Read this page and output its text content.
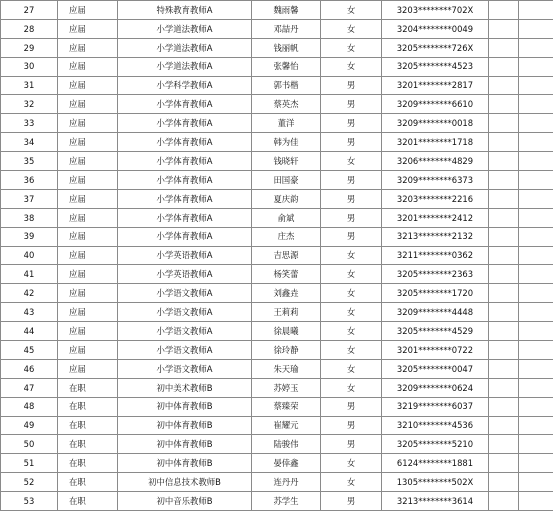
27	应届	特殊教育教师A	魏雨馨	女	3203********702X		
28	应届	小学道法教师A	邓喆丹	女	3204********0049		
29	应届	小学道法教师A	钱丽帆	女	3205********726X		
30	应届	小学道法教师A	张馨怡	女	3205********4523		
31	应届	小学科学教师A	郭书楷	男	3201********2817		
32	应届	小学体育教师A	蔡英杰	男	3209********6610		
33	应届	小学体育教师A	董洋	男	3209********0018		
34	应届	小学体育教师A	韩为佳	男	3201********1718		
35	应届	小学体育教师A	钱晓轩	女	3206********4829		
36	应届	小学体育教师A	田国豪	男	3209********6373		
37	应届	小学体育教师A	夏庆韵	男	3203********2216		
38	应届	小学体育教师A	俞斌	男	3201********2412		
39	应届	小学体育教师A	庄杰	男	3213********2132		
40	应届	小学英语教师A	吉思源	女	3211********0362		
41	应届	小学英语教师A	杨笑蕾	女	3205********2363		
42	应届	小学语文教师A	刘鑫垚	女	3205********1720		
43	应届	小学语文教师A	王莉莉	女	3209********4448		
44	应届	小学语文教师A	徐晨曦	女	3205********4529		
45	应届	小学语文教师A	徐玲静	女	3201********0722		
46	应届	小学语文教师A	朱天瑜	女	3205********0047		
47	在职	初中美术教师B	苏婷玉	女	3209********0624		
48	在职	初中体育教师B	蔡臻荣	男	3219********6037		
49	在职	初中体育教师B	崔耀元	男	3210********4536		
50	在职	初中体育教师B	陆骏伟	男	3205********5210		
51	在职	初中体育教师B	晏倖鑫	女	6124********1881		
52	在职	初中信息技术教师B	连丹丹	女	1305********502X		
53	在职	初中音乐教师B	苏学生	男	3213********3614		
